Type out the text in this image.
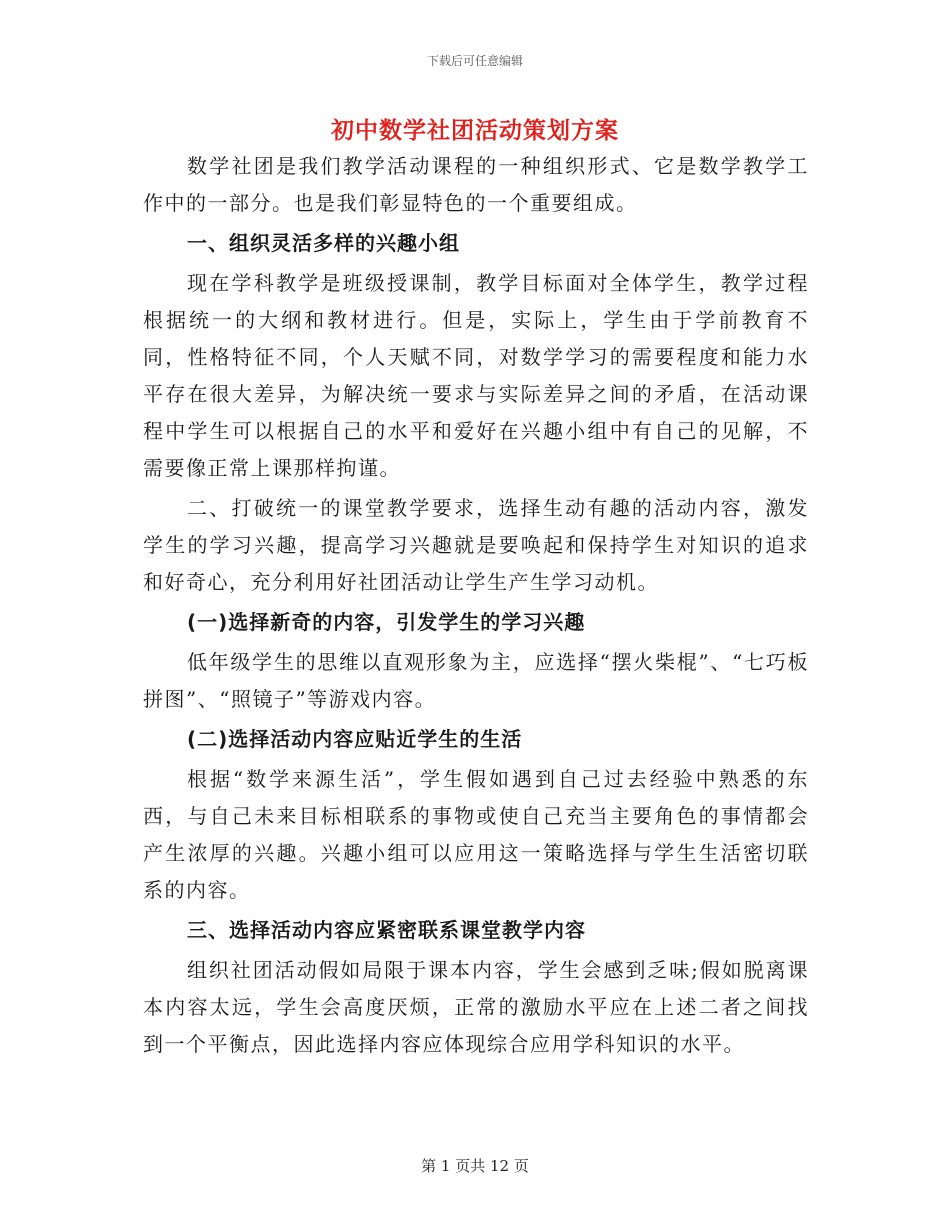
下载后可任意编辑
初中数学社团活动策划方案

数学社团是我们教学活动课程的一种组织形式、它是数学教学工作中的一部分。也是我们彰显特色的一个重要组成。

一、组织灵活多样的兴趣小组

现在学科教学是班级授课制，教学目标面对全体学生，教学过程根据统一的大纲和教材进行。但是，实际上，学生由于学前教育不同，性格特征不同，个人天赋不同，对数学学习的需要程度和能力水平存在很大差异，为解决统一要求与实际差异之间的矛盾，在活动课程中学生可以根据自己的水平和爱好在兴趣小组中有自己的见解，不需要像正常上课那样拘谨。

二、打破统一的课堂教学要求，选择生动有趣的活动内容，激发学生的学习兴趣，提高学习兴趣就是要唤起和保持学生对知识的追求和好奇心，充分利用好社团活动让学生产生学习动机。

(一)选择新奇的内容，引发学生的学习兴趣

低年级学生的思维以直观形象为主，应选择“摆火柴棍”、“七巧板拼图”、“照镜子”等游戏内容。

(二)选择活动内容应贴近学生的生活

根据“数学来源生活”，学生假如遇到自己过去经验中熟悉的东西，与自己未来目标相联系的事物或使自己充当主要角色的事情都会产生浓厚的兴趣。兴趣小组可以应用这一策略选择与学生生活密切联系的内容。

三、选择活动内容应紧密联系课堂教学内容

组织社团活动假如局限于课本内容，学生会感到乏味;假如脱离课本内容太远，学生会高度厌烦，正常的激励水平应在上述二者之间找到一个平衡点，因此选择内容应体现综合应用学科知识的水平。

第 1 页共 12 页
